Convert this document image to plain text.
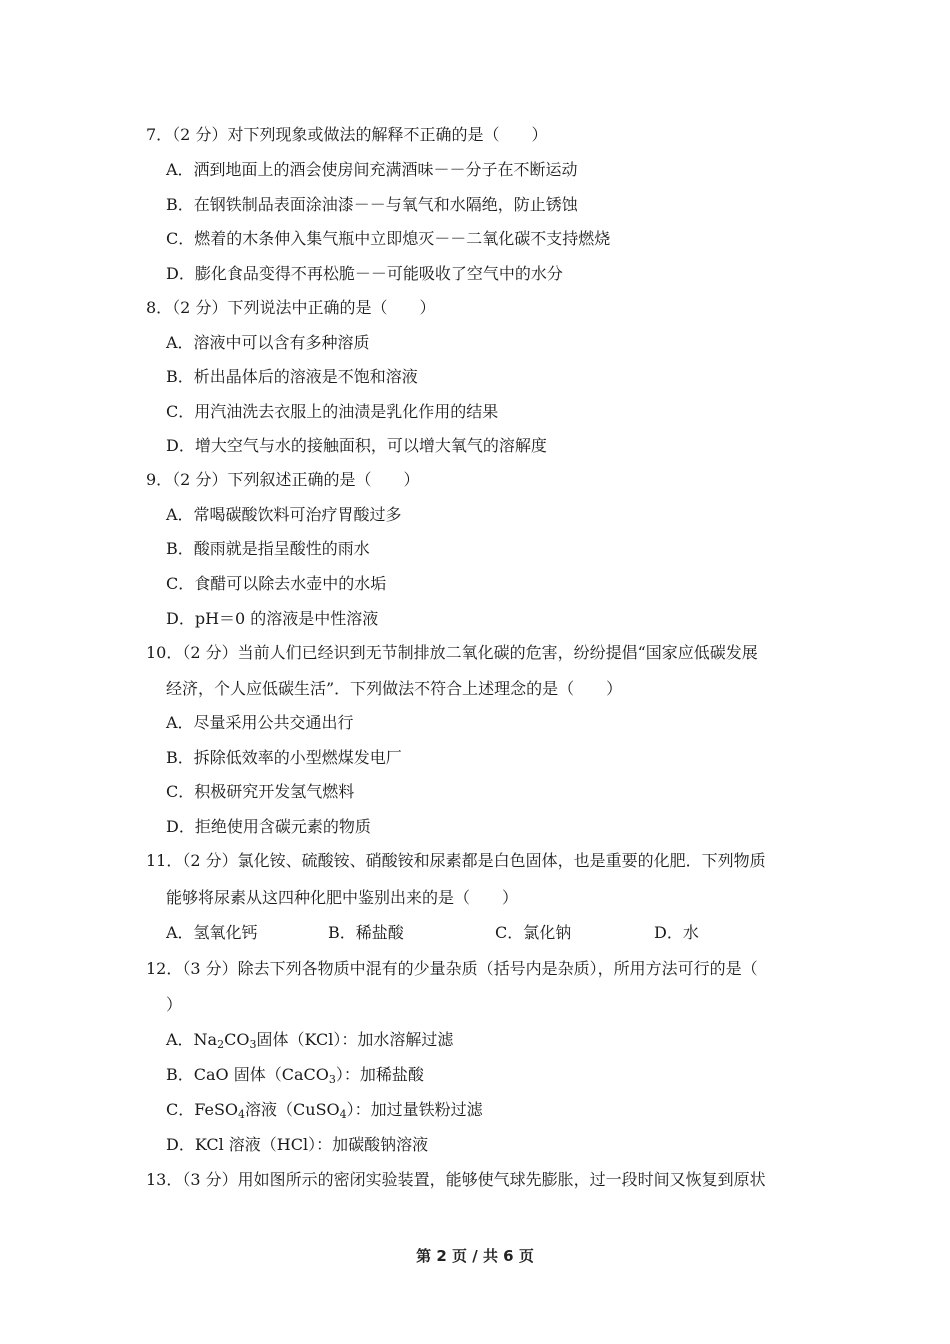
7．（2 分）对下列现象或做法的解释不正确的是（　　）
A．洒到地面上的酒会使房间充满酒味－－分子在不断运动
B．在钢铁制品表面涂油漆－－与氧气和水隔绝，防止锈蚀
C．燃着的木条伸入集气瓶中立即熄灭－－二氧化碳不支持燃烧
D．膨化食品变得不再松脆－－可能吸收了空气中的水分
8．（2 分）下列说法中正确的是（　　）
A．溶液中可以含有多种溶质
B．析出晶体后的溶液是不饱和溶液
C．用汽油洗去衣服上的油渍是乳化作用的结果
D．增大空气与水的接触面积，可以增大氧气的溶解度
9．（2 分）下列叙述正确的是（　　）
A．常喝碳酸饮料可治疗胃酸过多
B．酸雨就是指呈酸性的雨水
C．食醋可以除去水壶中的水垢
D．pH＝0 的溶液是中性溶液
10．（2 分）当前人们已经识到无节制排放二氧化碳的危害，纷纷提倡“国家应低碳发展
经济，个人应低碳生活”．下列做法不符合上述理念的是（　　）
A．尽量采用公共交通出行
B．拆除低效率的小型燃煤发电厂
C．积极研究开发氢气燃料
D．拒绝使用含碳元素的物质
11．（2 分）氯化铵、硫酸铵、硝酸铵和尿素都是白色固体，也是重要的化肥．下列物质
能够将尿素从这四种化肥中鉴别出来的是（　　）
A．氢氧化钙	B．稀盐酸	C．氯化钠	D．水
12．（3 分）除去下列各物质中混有的少量杂质（括号内是杂质），所用方法可行的是（
）
A．$Na_2CO_3$固体（KCl）：加水溶解过滤
B．CaO 固体（CaCO$_3$）：加稀盐酸
C．FeSO$_4$溶液（CuSO$_4$）：加过量铁粉过滤
D．KCl 溶液（HCl）：加碳酸钠溶液
13．（3 分）用如图所示的密闭实验装置，能够使气球先膨胀，过一段时间又恢复到原状
第 2 页 / 共 6 页
